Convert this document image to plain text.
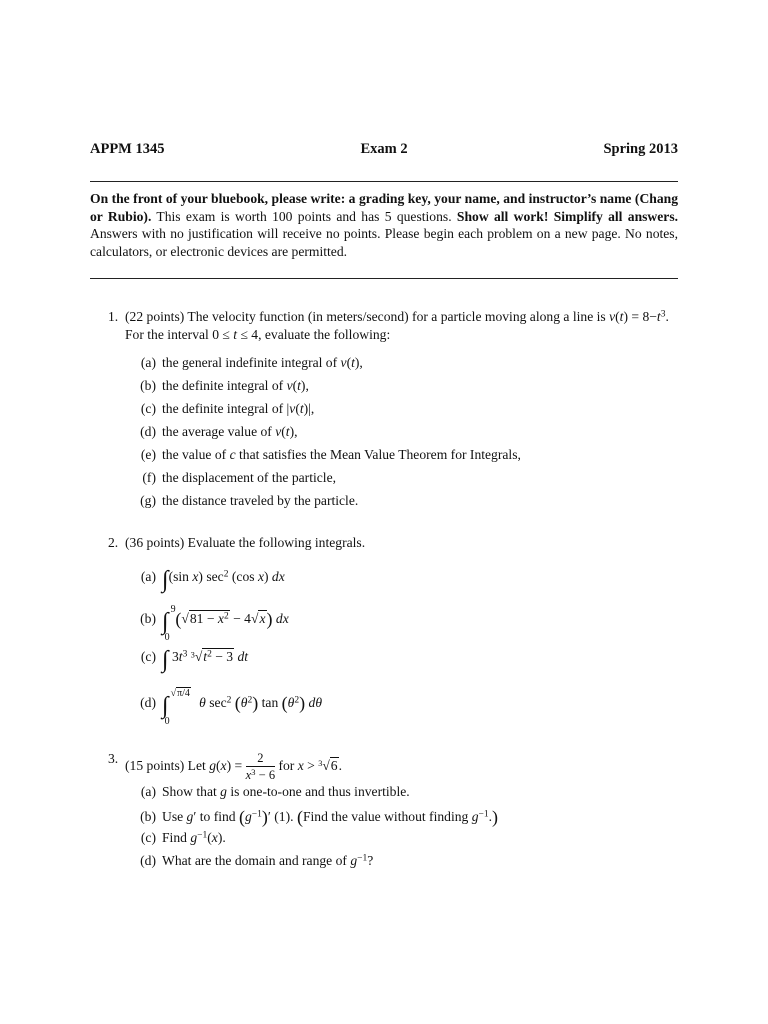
APPM 1345	Exam 2	Spring 2013
On the front of your bluebook, please write: a grading key, your name, and instructor’s name (Chang or Rubio). This exam is worth 100 points and has 5 questions. Show all work! Simplify all answers. Answers with no justification will receive no points. Please begin each problem on a new page. No notes, calculators, or electronic devices are permitted.
1. (22 points) The velocity function (in meters/second) for a particle moving along a line is $v(t) = 8-t^3$.
For the interval 0 ≤ t ≤ 4, evaluate the following:
(a) the general indefinite integral of v(t),
(b) the definite integral of v(t),
(c) the definite integral of |v(t)|,
(d) the average value of v(t),
(e) the value of c that satisfies the Mean Value Theorem for Integrals,
(f) the displacement of the particle,
(g) the distance traveled by the particle.
2. (36 points) Evaluate the following integrals.
(a) ∫(sin x) $\sec^2 (\cos$ x) dx
(b) ∫ 9
0
$(√81 - x^2 - 4√x)$ dx
(c) ∫ $3t^3$ $^3√t^2 - 3$ dt
(d) ∫ √π/4
0
θ $\sec^2 (\theta^2)$ $\tan (\theta^2)$ dθ
3. (15 points) Let $g(x) = \frac{2}{x^3 - 6}$ for x > $^3$√6.
(a) Show that g is one-to-one and thus invertible.
(b) Use g′ to find $(g^{-1})'$ (1). (Find the value without finding $g^{-1}$.)
(c) Find $g^{-1}(x)$.
(d) What are the domain and range of $g^{-1}$?
